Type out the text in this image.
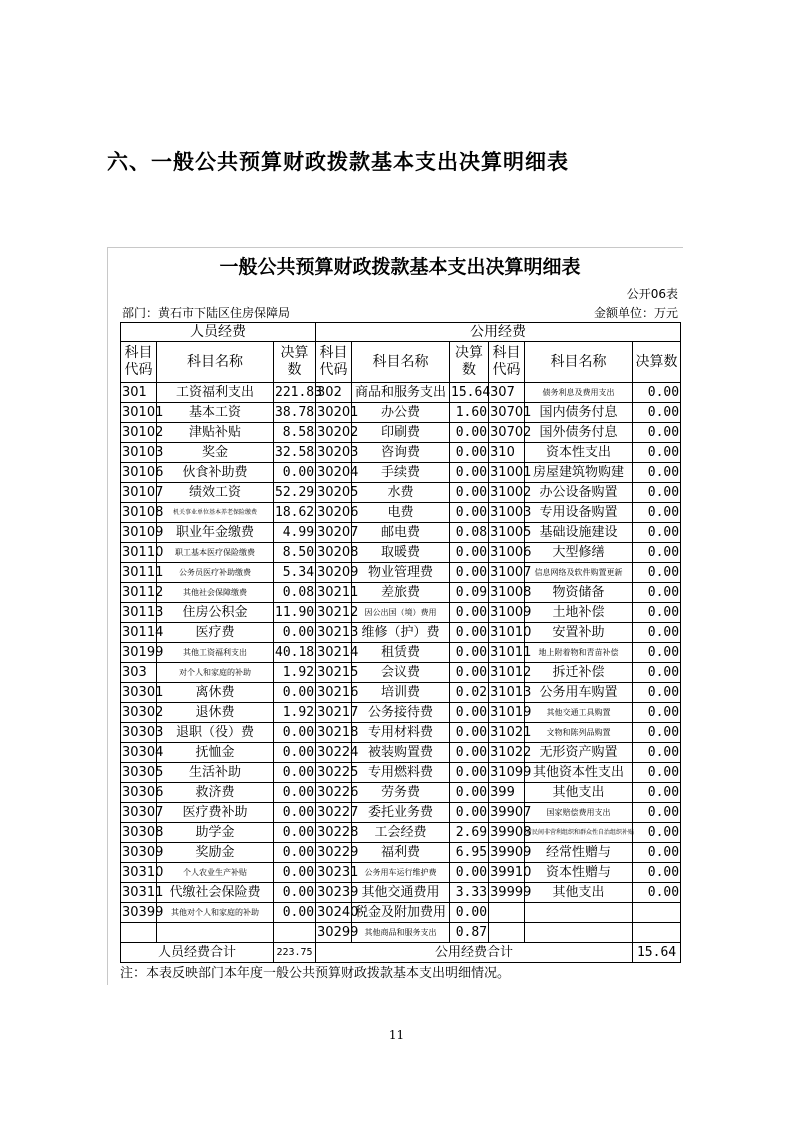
六、一般公共预算财政拨款基本支出决算明细表
一般公共预算财政拨款基本支出决算明细表
公开06表
部门：黄石市下陆区住房保障局	金额单位：万元
人员经费			公用经费					
科目代码	科目名称	决算数	科目代码	科目名称	决算数	科目代码	科目名称	决算数
301	工资福利支出	221.83	302	商品和服务支出	15.64	307	债务利息及费用支出	0.00
30101	基本工资	38.78	30201	办公费	1.60	30701	国内债务付息	0.00
30102	津贴补贴	8.58	30202	印刷费	0.00	30702	国外债务付息	0.00
30103	奖金	32.58	30203	咨询费	0.00	310	资本性支出	0.00
30106	伙食补助费	0.00	30204	手续费	0.00	31001	房屋建筑物购建	0.00
30107	绩效工资	52.29	30205	水费	0.00	31002	办公设备购置	0.00
30108	机关事业单位基本养老保险缴费	18.62	30206	电费	0.00	31003	专用设备购置	0.00
30109	职业年金缴费	4.99	30207	邮电费	0.08	31005	基础设施建设	0.00
30110	职工基本医疗保险缴费	8.50	30208	取暖费	0.00	31006	大型修缮	0.00
30111	公务员医疗补助缴费	5.34	30209	物业管理费	0.00	31007	信息网络及软件购置更新	0.00
30112	其他社会保障缴费	0.08	30211	差旅费	0.09	31008	物资储备	0.00
30113	住房公积金	11.90	30212	因公出国（境）费用	0.00	31009	土地补偿	0.00
30114	医疗费	0.00	30213	维修（护）费	0.00	31010	安置补助	0.00
30199	其他工资福利支出	40.18	30214	租赁费	0.00	31011	地上附着物和青苗补偿	0.00
303	对个人和家庭的补助	1.92	30215	会议费	0.00	31012	拆迁补偿	0.00
30301	离休费	0.00	30216	培训费	0.02	31013	公务用车购置	0.00
30302	退休费	1.92	30217	公务接待费	0.00	31019	其他交通工具购置	0.00
30303	退职（役）费	0.00	30218	专用材料费	0.00	31021	文物和陈列品购置	0.00
30304	抚恤金	0.00	30224	被装购置费	0.00	31022	无形资产购置	0.00
30305	生活补助	0.00	30225	专用燃料费	0.00	31099	其他资本性支出	0.00
30306	救济费	0.00	30226	劳务费	0.00	399	其他支出	0.00
30307	医疗费补助	0.00	30227	委托业务费	0.00	39907	国家赔偿费用支出	0.00
30308	助学金	0.00	30228	工会经费	2.69	39908	对民间非营利组织和群众性自治组织补贴	0.00
30309	奖励金	0.00	30229	福利费	6.95	39909	经常性赠与	0.00
30310	个人农业生产补贴	0.00	30231	公务用车运行维护费	0.00	39910	资本性赠与	0.00
30311	代缴社会保险费	0.00	30239	其他交通费用	3.33	39999	其他支出	0.00
30399	其他对个人和家庭的补助	0.00	30240	税金及附加费用	0.00			
			30299	其他商品和服务支出	0.87			
人员经费合计		223.75	公用经费合计					15.64
注：本表反映部门本年度一般公共预算财政拨款基本支出明细情况。
11
